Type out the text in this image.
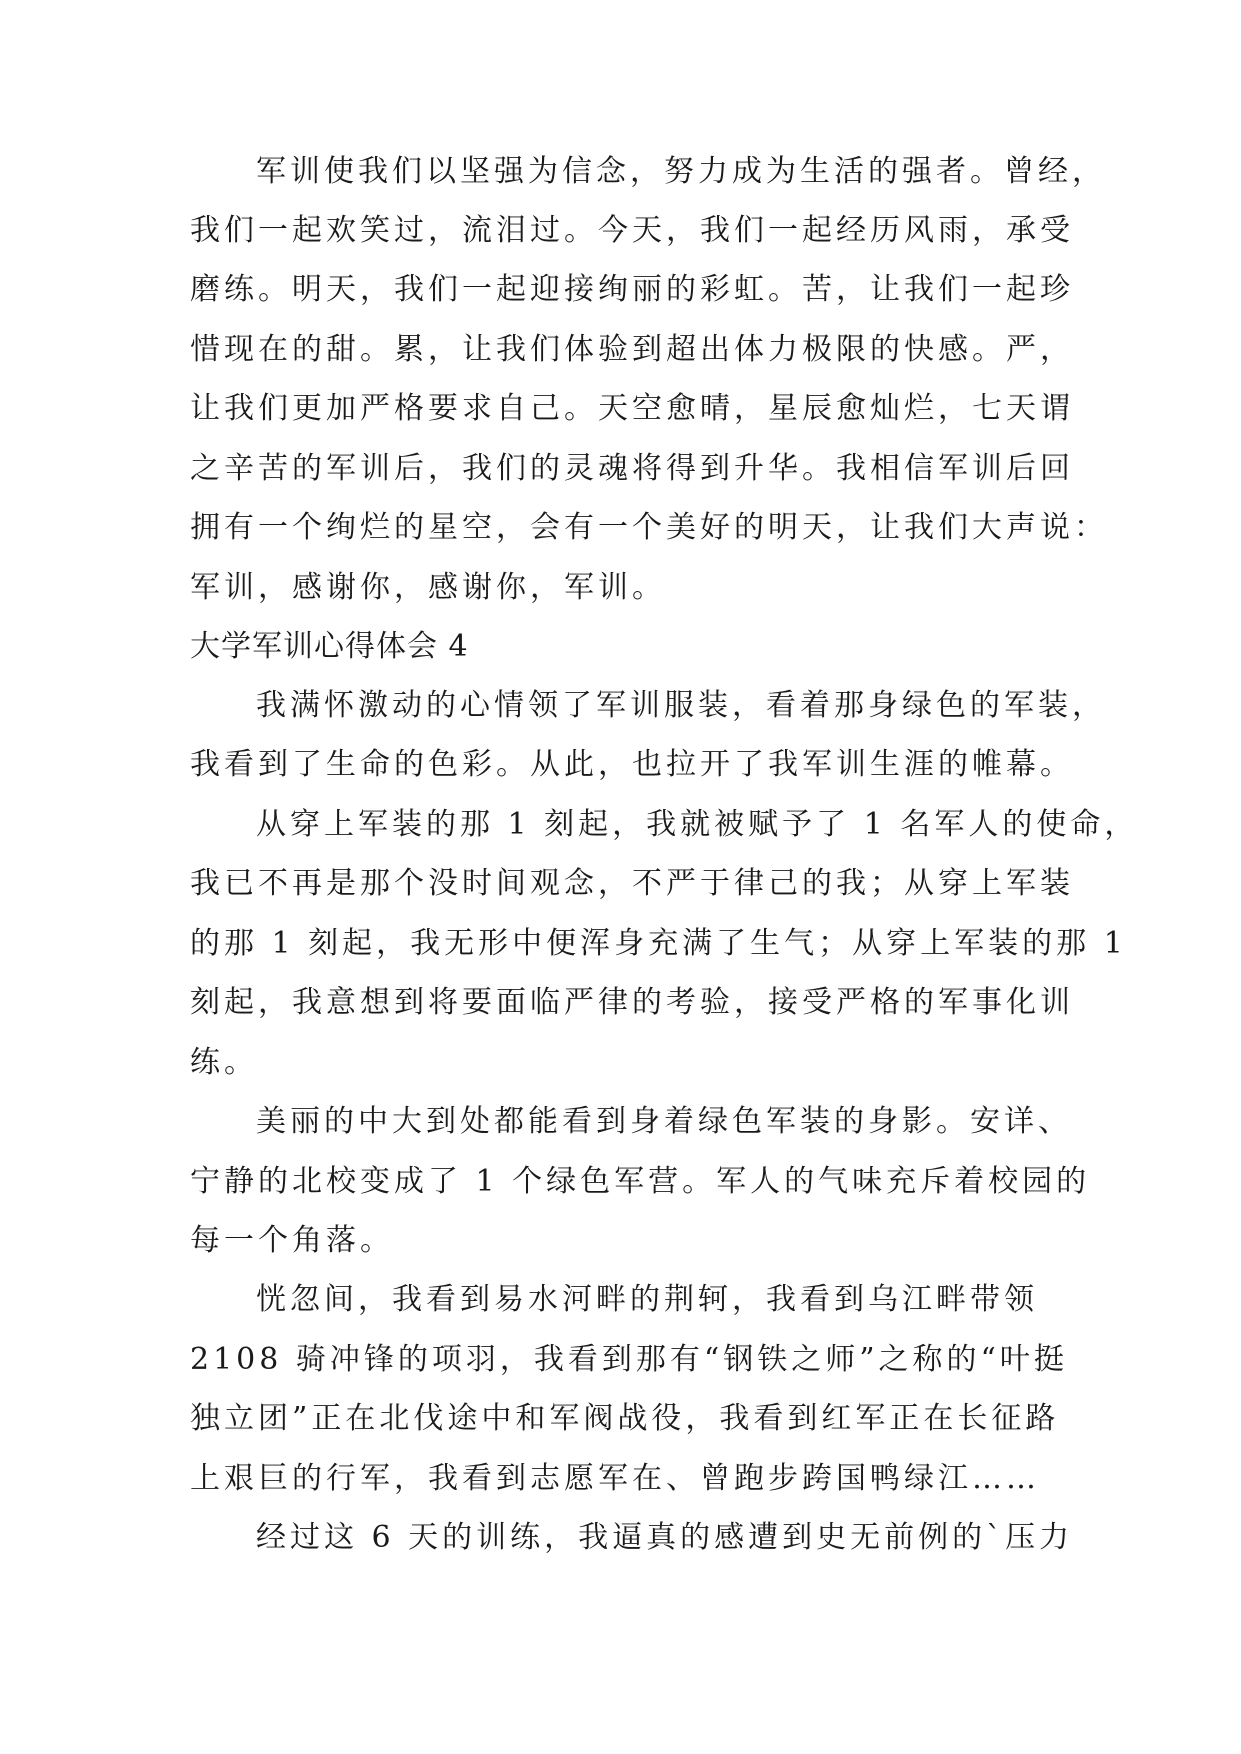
军训使我们以坚强为信念，努力成为生活的强者。曾经，
我们一起欢笑过，流泪过。今天，我们一起经历风雨，承受
磨练。明天，我们一起迎接绚丽的彩虹。苦，让我们一起珍
惜现在的甜。累，让我们体验到超出体力极限的快感。严，
让我们更加严格要求自己。天空愈晴，星辰愈灿烂，七天谓
之辛苦的军训后，我们的灵魂将得到升华。我相信军训后回
拥有一个绚烂的星空，会有一个美好的明天，让我们大声说：
军训，感谢你，感谢你，军训。
大学军训心得体会 4
我满怀激动的心情领了军训服装，看着那身绿色的军装，
我看到了生命的色彩。从此，也拉开了我军训生涯的帷幕。
从穿上军装的那 1 刻起，我就被赋予了 1 名军人的使命，
我已不再是那个没时间观念，不严于律己的我；从穿上军装
的那 1 刻起，我无形中便浑身充满了生气；从穿上军装的那 1
刻起，我意想到将要面临严律的考验，接受严格的军事化训
练。
美丽的中大到处都能看到身着绿色军装的身影。安详、
宁静的北校变成了 1 个绿色军营。军人的气味充斥着校园的
每一个角落。
恍忽间，我看到易水河畔的荆轲，我看到乌江畔带领
2108 骑冲锋的项羽，我看到那有“钢铁之师”之称的“叶挺
独立团”正在北伐途中和军阀战役，我看到红军正在长征路
上艰巨的行军，我看到志愿军在、曾跑步跨国鸭绿江……
经过这 6 天的训练，我逼真的感遭到史无前例的`压力
